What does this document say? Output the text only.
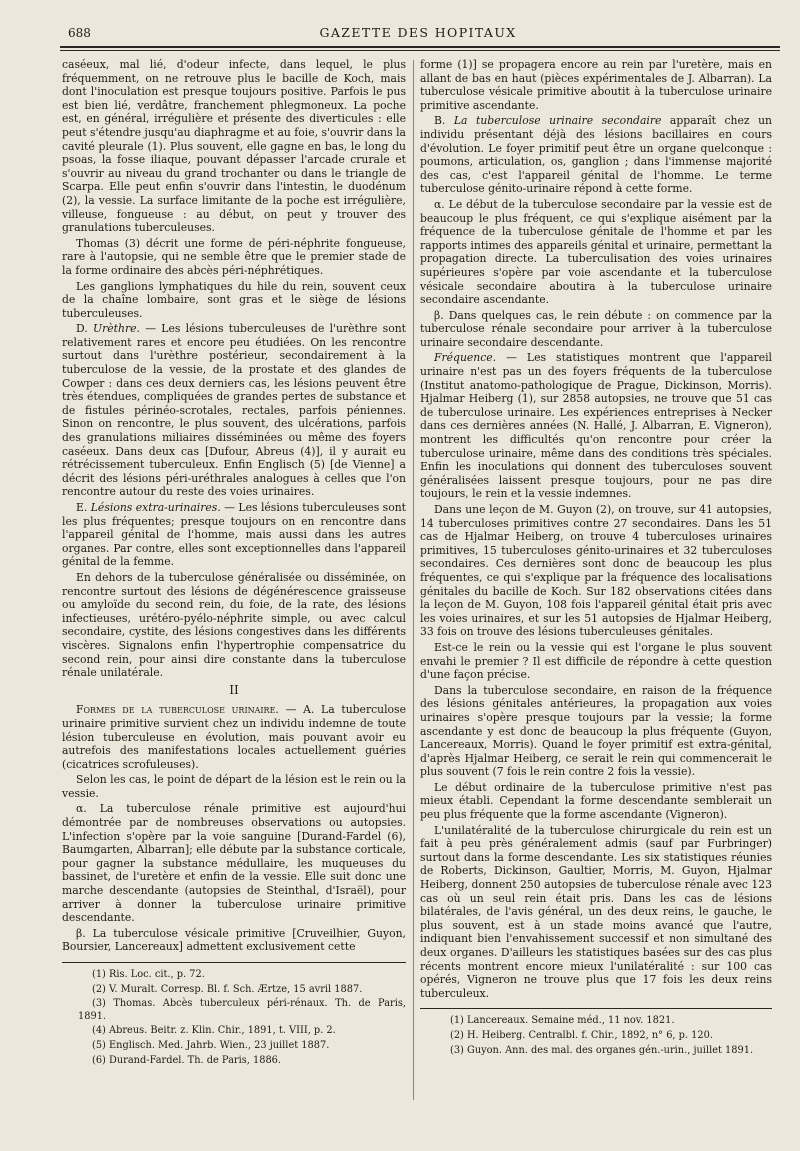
688	GAZETTE DES HOPITAUX

caséeux, mal lié, d'odeur infecte, dans lequel, le plus fréquemment, on ne retrouve plus le bacille de Koch, mais dont l'inoculation est presque toujours positive. Parfois le pus est bien lié, verdâtre, franchement phlegmoneux. La poche est, en général, irrégulière et présente des diverticules : elle peut s'étendre jusqu'au diaphragme et au foie, s'ouvrir dans la cavité pleurale (1). Plus souvent, elle gagne en bas, le long du psoas, la fosse iliaque, pouvant dépasser l'arcade crurale et s'ouvrir au niveau du grand trochanter ou dans le triangle de Scarpa. Elle peut enfin s'ouvrir dans l'intestin, le duodénum (2), la vessie. La surface limitante de la poche est irrégulière, villeuse, fongueuse : au début, on peut y trouver des granulations tuberculeuses.

Thomas (3) décrit une forme de péri-néphrite fongueuse, rare à l'autopsie, qui ne semble être que le premier stade de la forme ordinaire des abcès péri-néphrétiques.

Les ganglions lymphatiques du hile du rein, souvent ceux de la chaîne lombaire, sont gras et le siège de lésions tuberculeuses.

D. Urèthre. — Les lésions tuberculeuses de l'urèthre sont relativement rares et encore peu étudiées. On les rencontre surtout dans l'urèthre postérieur, secondairement à la tuberculose de la vessie, de la prostate et des glandes de Cowper : dans ces deux derniers cas, les lésions peuvent être très étendues, compliquées de grandes pertes de substance et de fistules périnéo-scrotales, rectales, parfois péniennes. Sinon on rencontre, le plus souvent, des ulcérations, parfois des granulations miliaires disséminées ou même des foyers caséeux. Dans deux cas [Dufour, Abreus (4)], il y aurait eu rétrécissement tuberculeux. Enfin Englisch (5) [de Vienne] a décrit des lésions péri-uréthrales analogues à celles que l'on rencontre autour du reste des voies urinaires.

E. Lésions extra-urinaires. — Les lésions tuberculeuses sont les plus fréquentes; presque toujours on en rencontre dans l'appareil génital de l'homme, mais aussi dans les autres organes. Par contre, elles sont exceptionnelles dans l'appareil génital de la femme.

En dehors de la tuberculose généralisée ou disséminée, on rencontre surtout des lésions de dégénérescence graisseuse ou amyloïde du second rein, du foie, de la rate, des lésions infectieuses, urétéro-pyélo-néphrite simple, ou avec calcul secondaire, cystite, des lésions congestives dans les différents viscères. Signalons enfin l'hypertrophie compensatrice du second rein, pour ainsi dire constante dans la tuberculose rénale unilatérale.

II

Formes de la tuberculose urinaire. — A. La tuberculose urinaire primitive survient chez un individu indemne de toute lésion tuberculeuse en évolution, mais pouvant avoir eu autrefois des manifestations locales actuellement guéries (cicatrices scrofuleuses).

Selon les cas, le point de départ de la lésion est le rein ou la vessie.

α. La tuberculose rénale primitive est aujourd'hui démontrée par de nombreuses observations ou autopsies. L'infection s'opère par la voie sanguine [Durand-Fardel (6), Baumgarten, Albarran]; elle débute par la substance corticale, pour gagner la substance médullaire, les muqueuses du bassinet, de l'uretère et enfin de la vessie. Elle suit donc une marche descendante (autopsies de Steinthal, d'Israël), pour arriver à donner la tuberculose urinaire primitive descendante.

β. La tuberculose vésicale primitive [Cruveilhier, Guyon, Boursier, Lancereaux] admettent exclusivement cette

(1) Ris. Loc. cit., p. 72.

(2) V. Muralt. Corresp. Bl. f. Sch. Ærtze, 15 avril 1887.

(3) Thomas. Abcès tuberculeux péri-rénaux. Th. de Paris, 1891.

(4) Abreus. Beitr. z. Klin. Chir., 1891, t. VIII, p. 2.

(5) Englisch. Med. Jahrb. Wien., 23 juillet 1887.

(6) Durand-Fardel. Th. de Paris, 1886.

forme (1)] se propagera encore au rein par l'uretère, mais en allant de bas en haut (pièces expérimentales de J. Albarran). La tuberculose vésicale primitive aboutit à la tuberculose urinaire primitive ascendante.

B. La tuberculose urinaire secondaire apparaît chez un individu présentant déjà des lésions bacillaires en cours d'évolution. Le foyer primitif peut être un organe quelconque : poumons, articulation, os, ganglion ; dans l'immense majorité des cas, c'est l'appareil génital de l'homme. Le terme tuberculose génito-urinaire répond à cette forme.

α. Le début de la tuberculose secondaire par la vessie est de beaucoup le plus fréquent, ce qui s'explique aisément par la fréquence de la tuberculose génitale de l'homme et par les rapports intimes des appareils génital et urinaire, permettant la propagation directe. La tuberculisation des voies urinaires supérieures s'opère par voie ascendante et la tuberculose vésicale secondaire aboutira à la tuberculose urinaire secondaire ascendante.

β. Dans quelques cas, le rein débute : on commence par la tuberculose rénale secondaire pour arriver à la tuberculose urinaire secondaire descendante.

Fréquence. — Les statistiques montrent que l'appareil urinaire n'est pas un des foyers fréquents de la tuberculose (Institut anatomo-pathologique de Prague, Dickinson, Morris). Hjalmar Heiberg (1), sur 2858 autopsies, ne trouve que 51 cas de tuberculose urinaire. Les expériences entreprises à Necker dans ces dernières années (N. Hallé, J. Albarran, E. Vigneron), montrent les difficultés qu'on rencontre pour créer la tuberculose urinaire, même dans des conditions très spéciales. Enfin les inoculations qui donnent des tuberculoses souvent généralisées laissent presque toujours, pour ne pas dire toujours, le rein et la vessie indemnes.

Dans une leçon de M. Guyon (2), on trouve, sur 41 autopsies, 14 tuberculoses primitives contre 27 secondaires. Dans les 51 cas de Hjalmar Heiberg, on trouve 4 tuberculoses urinaires primitives, 15 tuberculoses génito-urinaires et 32 tuberculoses secondaires. Ces dernières sont donc de beaucoup les plus fréquentes, ce qui s'explique par la fréquence des localisations génitales du bacille de Koch. Sur 182 observations citées dans la leçon de M. Guyon, 108 fois l'appareil génital était pris avec les voies urinaires, et sur les 51 autopsies de Hjalmar Heiberg, 33 fois on trouve des lésions tuberculeuses génitales.

Est-ce le rein ou la vessie qui est l'organe le plus souvent envahi le premier ? Il est difficile de répondre à cette question d'une façon précise.

Dans la tuberculose secondaire, en raison de la fréquence des lésions génitales antérieures, la propagation aux voies urinaires s'opère presque toujours par la vessie; la forme ascendante y est donc de beaucoup la plus fréquente (Guyon, Lancereaux, Morris). Quand le foyer primitif est extra-génital, d'après Hjalmar Heiberg, ce serait le rein qui commencerait le plus souvent (7 fois le rein contre 2 fois la vessie).

Le début ordinaire de la tuberculose primitive n'est pas mieux établi. Cependant la forme descendante semblerait un peu plus fréquente que la forme ascendante (Vigneron).

L'unilatéralité de la tuberculose chirurgicale du rein est un fait à peu près généralement admis (sauf par Furbringer) surtout dans la forme descendante. Les six statistiques réunies de Roberts, Dickinson, Gaultier, Morris, M. Guyon, Hjalmar Heiberg, donnent 250 autopsies de tuberculose rénale avec 123 cas où un seul rein était pris. Dans les cas de lésions bilatérales, de l'avis général, un des deux reins, le gauche, le plus souvent, est à un stade moins avancé que l'autre, indiquant bien l'envahissement successif et non simultané des deux organes. D'ailleurs les statistiques basées sur des cas plus récents montrent encore mieux l'unilatéralité : sur 100 cas opérés, Vigneron ne trouve plus que 17 fois les deux reins tuberculeux.

(1) Lancereaux. Semaine méd., 11 nov. 1821.

(2) H. Heiberg. Centralbl. f. Chir., 1892, n° 6, p. 120.

(3) Guyon. Ann. des mal. des organes gén.-urin., juillet 1891.
